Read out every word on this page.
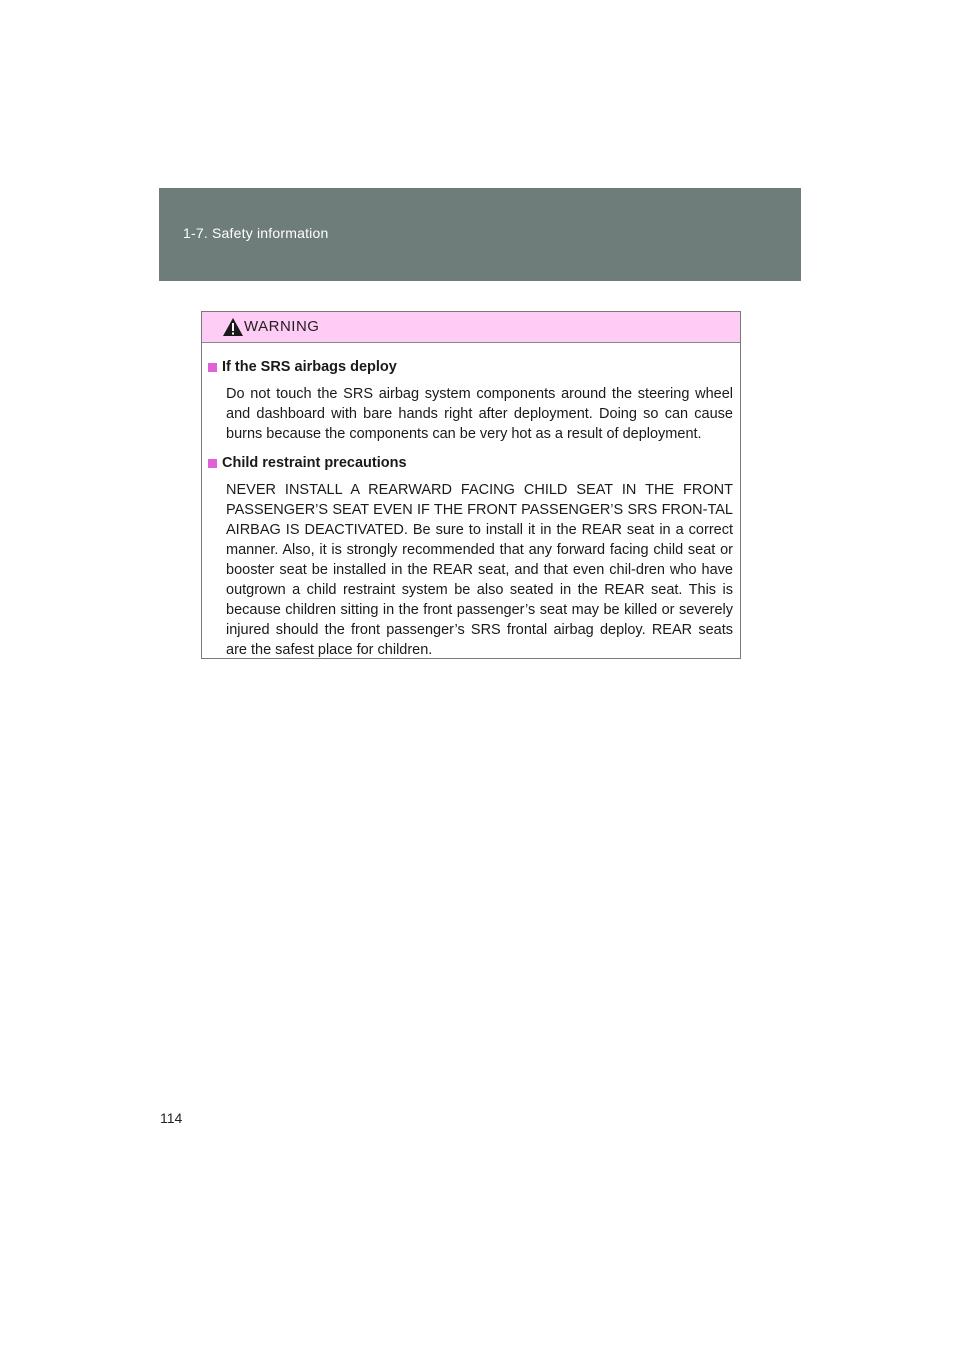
1-7. Safety information
WARNING
If the SRS airbags deploy

Do not touch the SRS airbag system components around the steering wheel and dashboard with bare hands right after deployment. Doing so can cause burns because the components can be very hot as a result of deployment.

Child restraint precautions

NEVER INSTALL A REARWARD FACING CHILD SEAT IN THE FRONT PASSENGER’S SEAT EVEN IF THE FRONT PASSENGER’S SRS FRON-TAL AIRBAG IS DEACTIVATED. Be sure to install it in the REAR seat in a correct manner. Also, it is strongly recommended that any forward facing child seat or booster seat be installed in the REAR seat, and that even chil-dren who have outgrown a child restraint system be also seated in the REAR seat. This is because children sitting in the front passenger’s seat may be killed or severely injured should the front passenger’s SRS frontal airbag deploy. REAR seats are the safest place for children.

114
